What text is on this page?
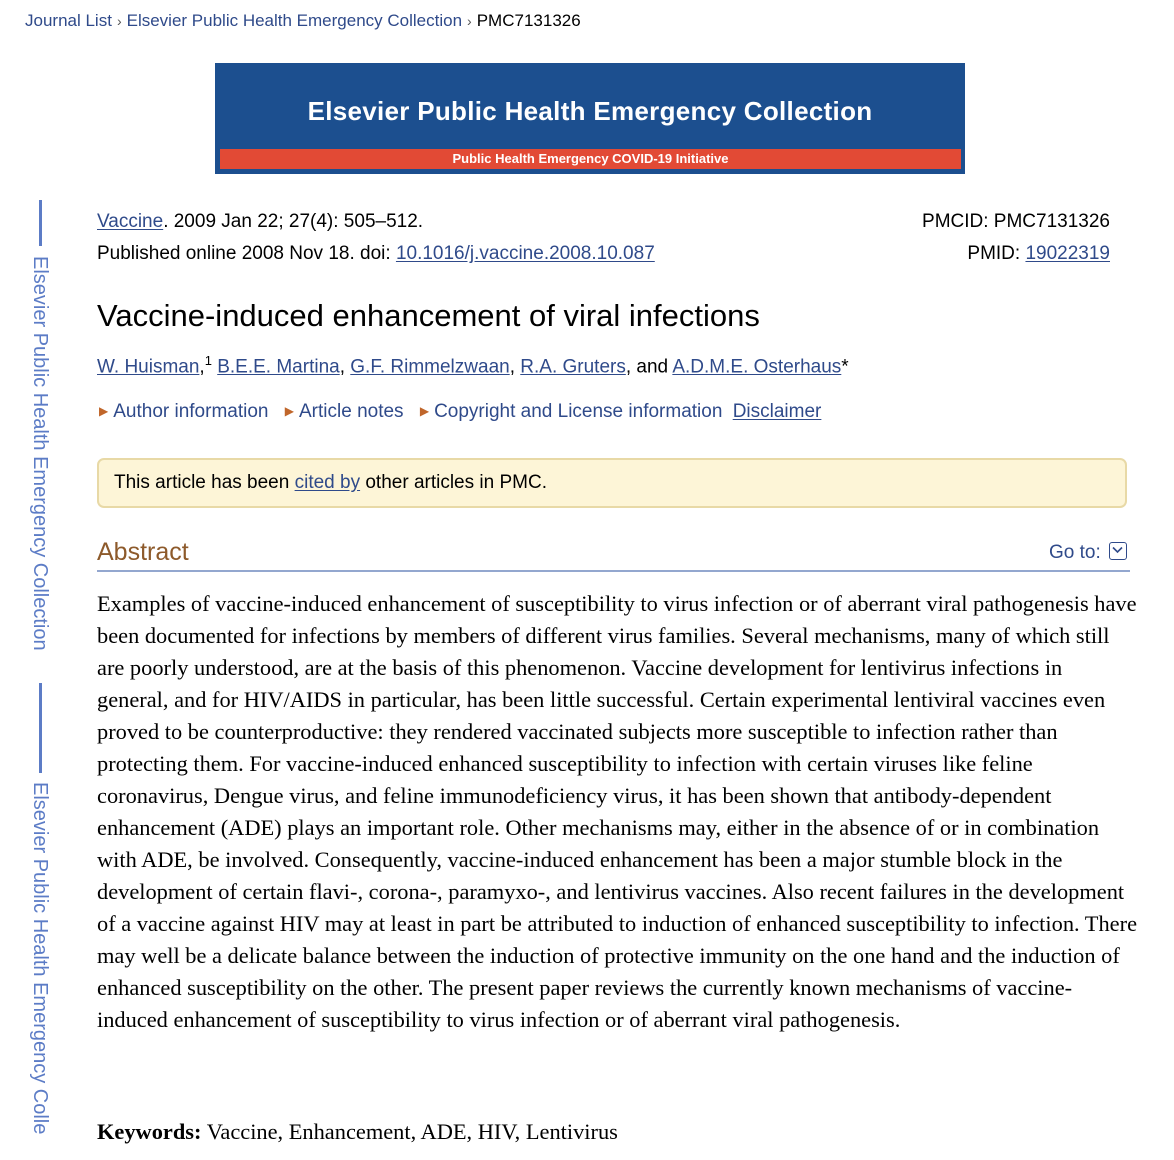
Journal List › Elsevier Public Health Emergency Collection › PMC7131326
Elsevier Public Health Emergency Collection
Public Health Emergency COVID-19 Initiative
Elsevier Public Health Emergency Collection
Elsevier Public Health Emergency Colle
Vaccine. 2009 Jan 22; 27(4): 505–512.
Published online 2008 Nov 18. doi: 10.1016/j.vaccine.2008.10.087
PMCID: PMC7131326
PMID: 19022319
Vaccine-induced enhancement of viral infections
W. Huisman,$^1$ B.E.E. Martina, G.F. Rimmelzwaan, R.A. Gruters, and A.D.M.E. Osterhaus*
▶ Author information ▶ Article notes ▶ Copyright and License information Disclaimer
This article has been cited by other articles in PMC.
Abstract	Go to:

Examples of vaccine-induced enhancement of susceptibility to virus infection or of aberrant viral pathogenesis have been documented for infections by members of different virus families. Several mechanisms, many of which still are poorly understood, are at the basis of this phenomenon. Vaccine development for lentivirus infections in general, and for HIV/AIDS in particular, has been little successful. Certain experimental lentiviral vaccines even proved to be counterproductive: they rendered vaccinated subjects more susceptible to infection rather than protecting them. For vaccine-induced enhanced susceptibility to infection with certain viruses like feline coronavirus, Dengue virus, and feline immunodeficiency virus, it has been shown that antibody-dependent enhancement (ADE) plays an important role. Other mechanisms may, either in the absence of or in combination with ADE, be involved. Consequently, vaccine-induced enhancement has been a major stumble block in the development of certain flavi-, corona-, paramyxo-, and lentivirus vaccines. Also recent failures in the development of a vaccine against HIV may at least in part be attributed to induction of enhanced susceptibility to infection. There may well be a delicate balance between the induction of protective immunity on the one hand and the induction of enhanced susceptibility on the other. The present paper reviews the currently known mechanisms of vaccine-induced enhancement of susceptibility to virus infection or of aberrant viral pathogenesis.

Keywords: Vaccine, Enhancement, ADE, HIV, Lentivirus
